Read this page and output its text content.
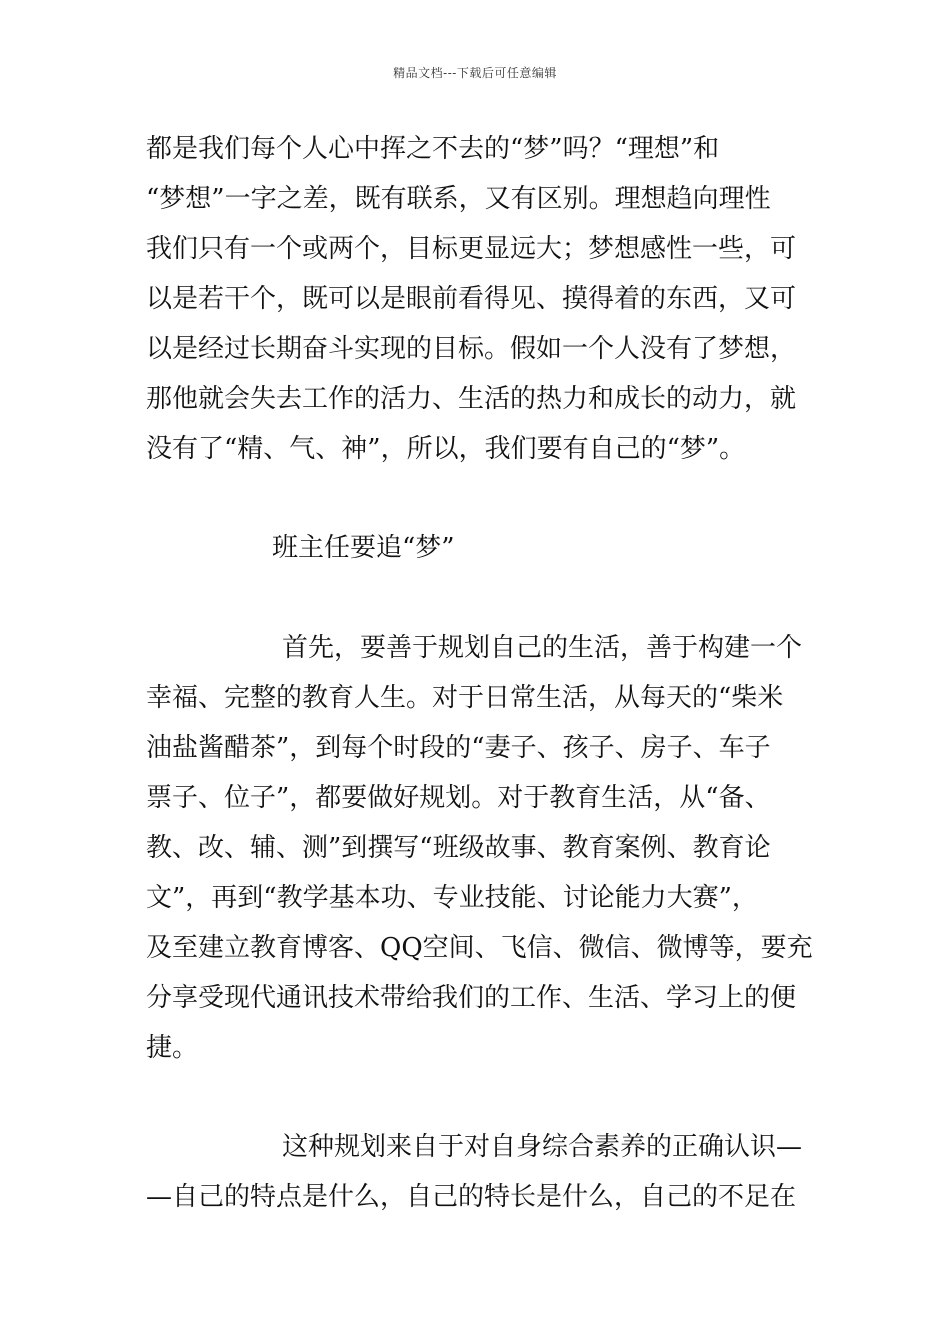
精品文档---下载后可任意编辑
都是我们每个人心中挥之不去的“梦”吗？“理想”和
“梦想”一字之差，既有联系，又有区别。理想趋向理性
我们只有一个或两个，目标更显远大；梦想感性一些，可
以是若干个，既可以是眼前看得见、摸得着的东西，又可
以是经过长期奋斗实现的目标。假如一个人没有了梦想，
那他就会失去工作的活力、生活的热力和成长的动力，就
没有了“精、气、神”，所以，我们要有自己的“梦”。
班主任要追“梦”
首先，要善于规划自己的生活，善于构建一个
幸福、完整的教育人生。对于日常生活，从每天的“柴米
油盐酱醋茶”，到每个时段的“妻子、孩子、房子、车子
票子、位子”，都要做好规划。对于教育生活，从“备、
教、改、辅、测”到撰写“班级故事、教育案例、教育论
文”，再到“教学基本功、专业技能、讨论能力大赛”，
及至建立教育博客、QQ空间、飞信、微信、微博等，要充
分享受现代通讯技术带给我们的工作、生活、学习上的便
捷。
这种规划来自于对自身综合素养的正确认识—
—自己的特点是什么，自己的特长是什么，自己的不足在
